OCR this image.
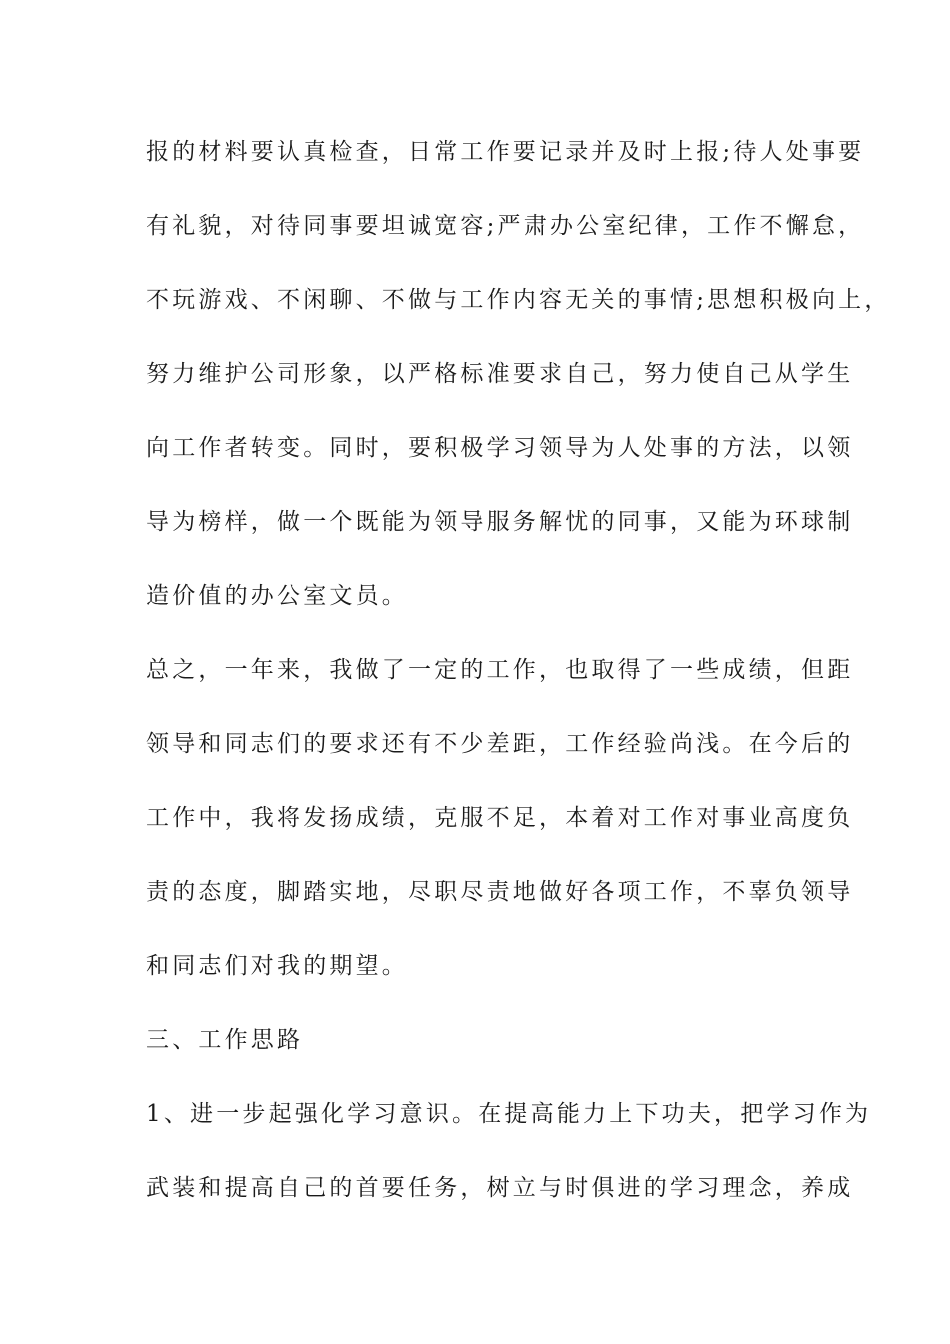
报的材料要认真检查，日常工作要记录并及时上报;待人处事要

有礼貌，对待同事要坦诚宽容;严肃办公室纪律，工作不懈怠，

不玩游戏、不闲聊、不做与工作内容无关的事情;思想积极向上，

努力维护公司形象，以严格标准要求自己，努力使自己从学生

向工作者转变。同时，要积极学习领导为人处事的方法，以领

导为榜样，做一个既能为领导服务解忧的同事，又能为环球制

造价值的办公室文员。

总之，一年来，我做了一定的工作，也取得了一些成绩，但距

领导和同志们的要求还有不少差距，工作经验尚浅。在今后的

工作中，我将发扬成绩，克服不足，本着对工作对事业高度负

责的态度，脚踏实地，尽职尽责地做好各项工作，不辜负领导

和同志们对我的期望。

三、工作思路

1、进一步起强化学习意识。在提高能力上下功夫，把学习作为

武装和提高自己的首要任务，树立与时俱进的学习理念，养成
